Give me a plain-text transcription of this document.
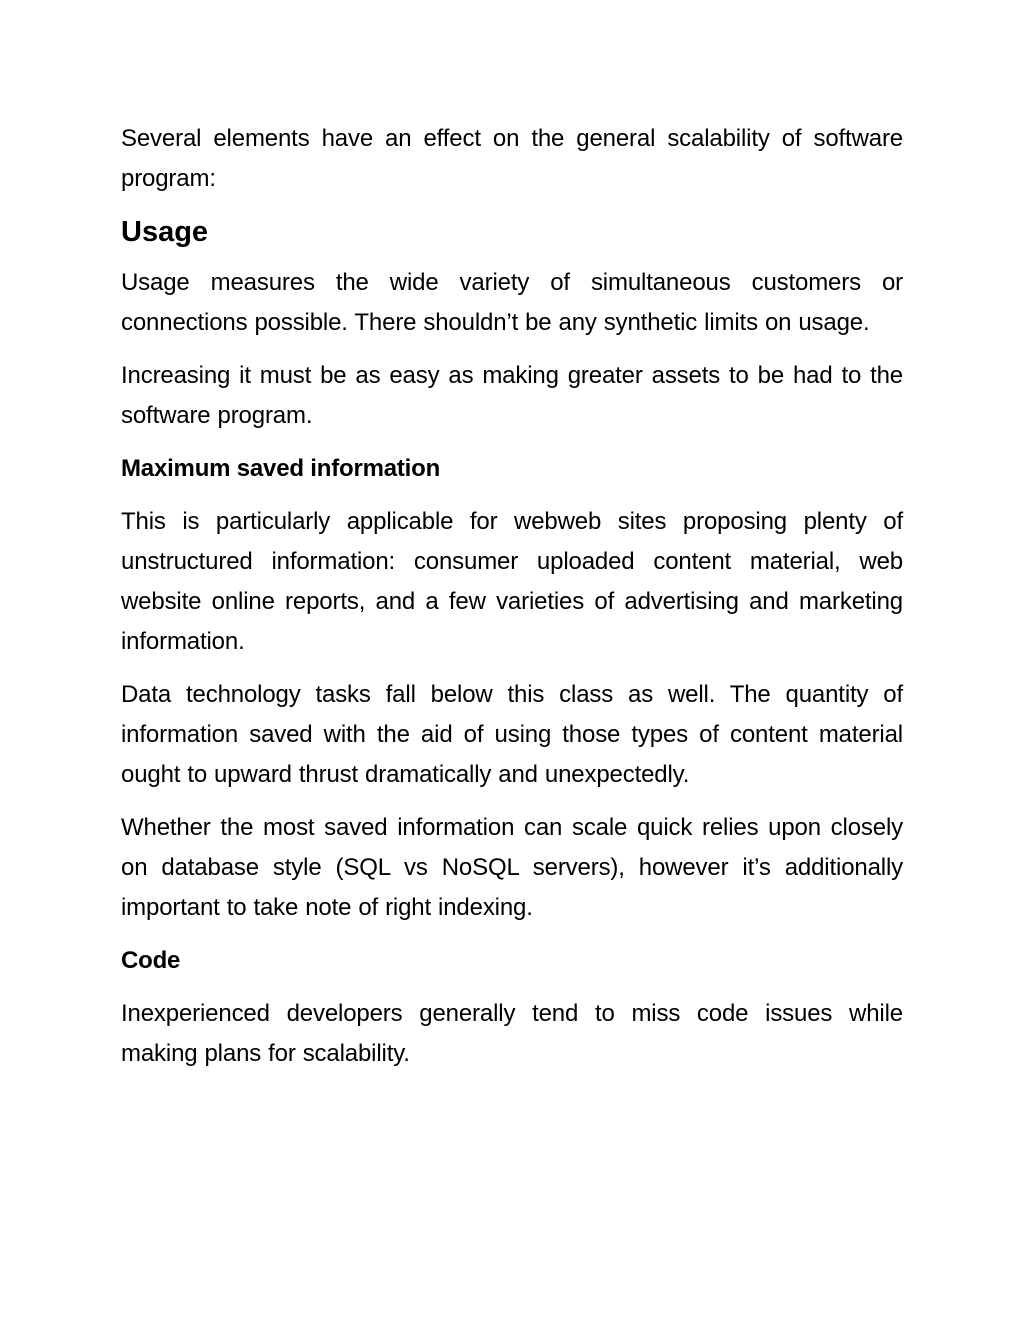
Several elements have an effect on the general scalability of software program:

Usage

Usage measures the wide variety of simultaneous customers or connections possible. There shouldn’t be any synthetic limits on usage.

Increasing it must be as easy as making greater assets to be had to the software program.

Maximum saved information

This is particularly applicable for webweb sites proposing plenty of unstructured information: consumer uploaded content material, web website online reports, and a few varieties of advertising and marketing information.

Data technology tasks fall below this class as well. The quantity of information saved with the aid of using those types of content material ought to upward thrust dramatically and unexpectedly.

Whether the most saved information can scale quick relies upon closely on database style (SQL vs NoSQL servers), however it’s additionally important to take note of right indexing.

Code

Inexperienced developers generally tend to miss code issues while making plans for scalability.
